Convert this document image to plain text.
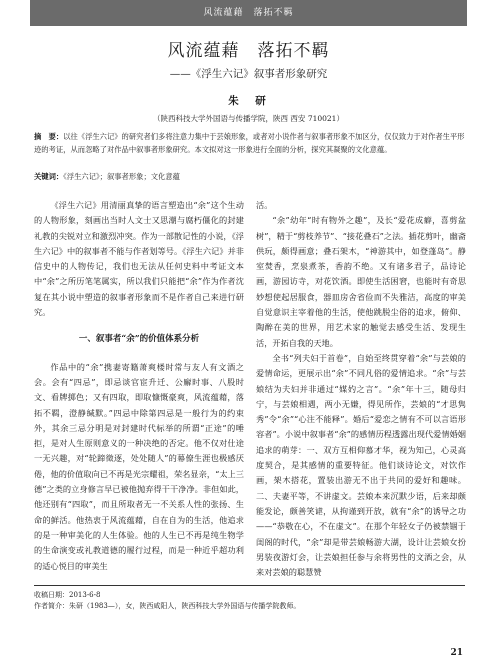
风流蕴藉　落拓不羁
风流蕴藉　落拓不羁
——《浮生六记》叙事者形象研究
朱　研
（陕西科技大学外国语与传播学院，陕西 西安 710021）
摘　要：以往《浮生六记》的研究者们多将注意力集中于芸娘形象，或者对小说作者与叙事者形象不加区分，仅仅致力于对作者生平形迹的考证，从而忽略了对作品中叙事者形象研究。本文拟对这一形象进行全面的分析，探究其凝聚的文化意蕴。
关键词：《浮生六记》；叙事者形象；文化意蕴

《浮生六记》用清丽真挚的语言塑造出“余”这个生动的人物形象，刻画出当时人文士又思潮与腐朽僵化的封建礼教的尖锐对立和激烈冲突。作为一部散记性的小说，《浮生六记》中的叙事者不能与作者划等号。《浮生六记》并非信史中的人物传记，我们也无法从任何史料中考证文本中“余”之所历笔笔属实，所以我们只能把“余”作为作者沈复在其小说中塑造的叙事者形象而不是作者自己来进行研究。

一、叙事者“余”的价值体系分析

作品中的“余”携妻寄籍萧爽楼时常与友人有文酒之会。会有“四忌”，即忌谈官宦升迁、公廨时事、八股时文、看牌掷色；又有四取，即取慷慨豪爽，风流蕴藉，落拓不羁，澄静缄默。”四忌中除第四忌是一般行为的约束外，其余三忌分明是对封建时代标举的所谓“正途”的唾拒，是对人生原则意义的一种决绝的否定。他不仅对仕途一无兴趣，对“轮蹄徵逐，处处随人”的幕僚生涯也极感厌倦，他的价值取向已不再是光宗耀祖，荣名显亲，“太上三德”之类的立身修言早已被他抛弃得干干净净。非但如此，他还别有“四取”，而且所取者无一不关系人性的张扬、生命的鲜活。他热衷于风流蕴藉，自在自为的生活，他追求的是一种审美化的人生体验。他的人生已不再是纯生物学的生命演变或礼教道德的履行过程，而是一种近乎超功利的适心悦目的审美生

活。

“余”幼年“时有物外之趣”，及长“爱花成癖，喜剪盆树”，精于“剪枝养节”、“接花叠石”之法。插花剪叶，幽斋供玩，颇得画意；叠石架木，“神游其中，如登蓬岛”。静室焚香，烹泉煮茶，香韵不绝。又有诸多君子，品诗论画，游园访寺，对花饮酒。即使生活困窘，也能时有奇思妙想使起居服食，器皿房舍省俭而不失雅洁，高度的审美自觉意识主宰着他的生活，使他跳脱尘俗的追求，俯仰、陶醉在美的世界，用艺术家的触觉去感受生活、发现生活，开拓自我的天地。

全书“列夫妇于首卷”，自始至终贯穿着“余”与芸娘的爱情命运，更展示出“余”不同凡俗的爱情追求。“余”与芸娘结为夫妇并非通过“媒妁之言”。“余”年十三，随母归宁，与芸娘相遇，两小无嫌，得见所作，芸娘的“才思隽秀”令“余”“心注不能释”。婚后“爱恋之情有不可以言语形容者”。小说中叙事者“余”的感情历程透露出现代爱情婚姻追求的萌芽：一、双方互相仰慕才华，视为知己，心灵高度契合，是其感情的重要特征。他们谈诗论文，对饮作画，架木搭花，置装出游无不出于共同的爱好和趣味。二、夫妻平等，不讲虚文。芸娘本来沉默少语，后来却颇能发论，颇善笑谑，从拘谨到开放，就有“余”的诱导之功——“恭敬在心，不在虚文”。在那个年轻女子仍被禁锢于闺阁的时代，“余”却是带芸娘畅游大湖，设计让芸娘女扮男装夜游灯会，让芸娘担任参与余将男性的文酒之会，从来对芸娘的聪慧赞

收稿日期：2013-6-8
作者简介：朱研（1983—），女，陕西咸阳人，陕西科技大学外国语与传播学院教师。
21
